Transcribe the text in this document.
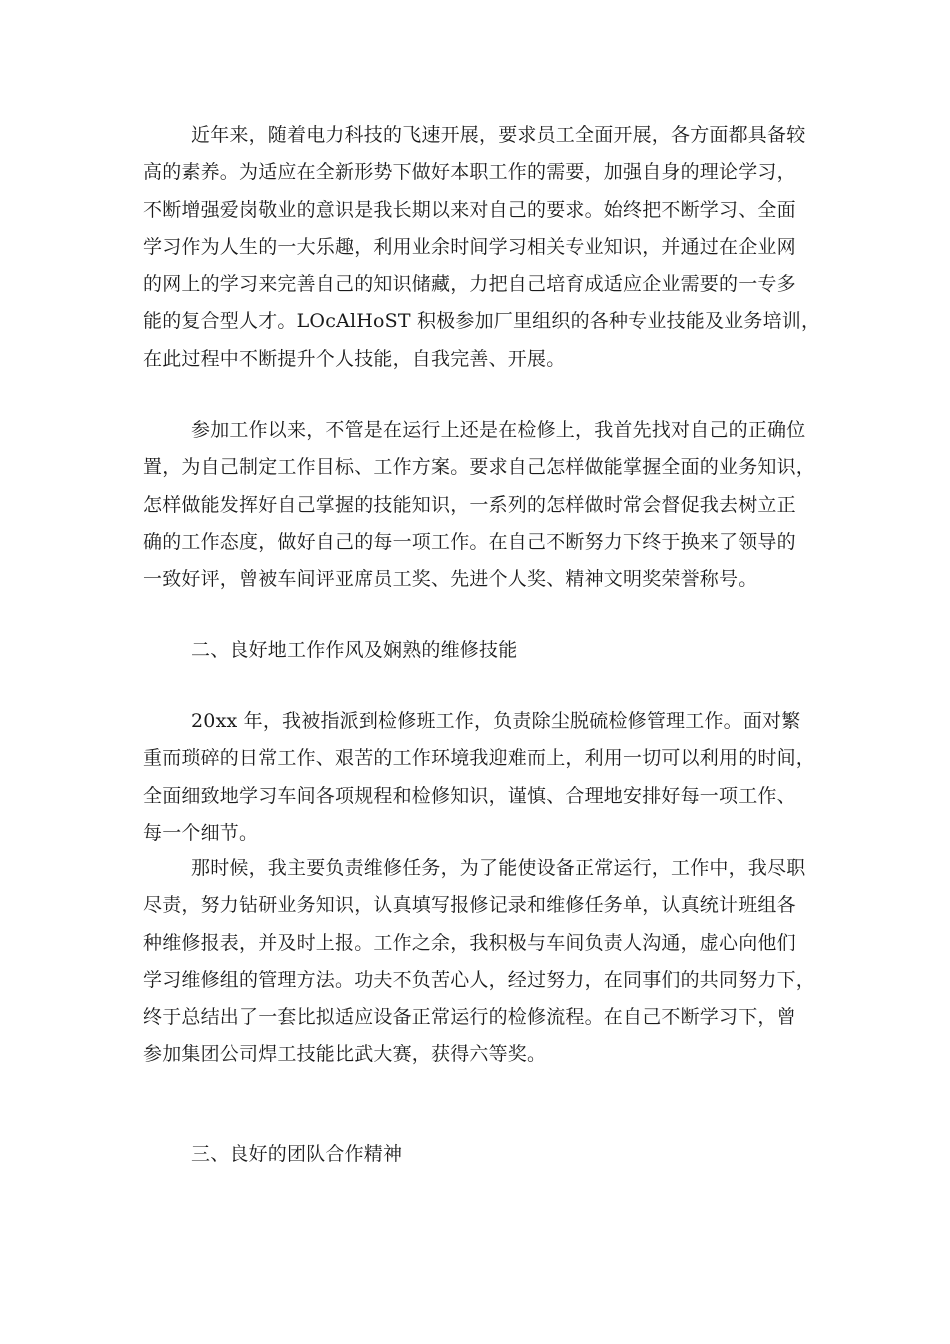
近年来，随着电力科技的飞速开展，要求员工全面开展，各方面都具备较
高的素养。为适应在全新形势下做好本职工作的需要，加强自身的理论学习，
不断增强爱岗敬业的意识是我长期以来对自己的要求。始终把不断学习、全面
学习作为人生的一大乐趣，利用业余时间学习相关专业知识，并通过在企业网
的网上的学习来完善自己的知识储藏，力把自己培育成适应企业需要的一专多
能的复合型人才。LOcAlHoST 积极参加厂里组织的各种专业技能及业务培训，
在此过程中不断提升个人技能，自我完善、开展。
参加工作以来，不管是在运行上还是在检修上，我首先找对自己的正确位
置，为自己制定工作目标、工作方案。要求自己怎样做能掌握全面的业务知识，
怎样做能发挥好自己掌握的技能知识，一系列的怎样做时常会督促我去树立正
确的工作态度，做好自己的每一项工作。在自己不断努力下终于换来了领导的
一致好评，曾被车间评亚席员工奖、先进个人奖、精神文明奖荣誉称号。
二、良好地工作作风及娴熟的维修技能
20xx 年，我被指派到检修班工作，负责除尘脱硫检修管理工作。面对繁
重而琐碎的日常工作、艰苦的工作环境我迎难而上，利用一切可以利用的时间，
全面细致地学习车间各项规程和检修知识，谨慎、合理地安排好每一项工作、
每一个细节。
那时候，我主要负责维修任务，为了能使设备正常运行，工作中，我尽职
尽责，努力钻研业务知识，认真填写报修记录和维修任务单，认真统计班组各
种维修报表，并及时上报。工作之余，我积极与车间负责人沟通，虚心向他们
学习维修组的管理方法。功夫不负苦心人，经过努力，在同事们的共同努力下，
终于总结出了一套比拟适应设备正常运行的检修流程。在自己不断学习下，曾
参加集团公司焊工技能比武大赛，获得六等奖。
三、良好的团队合作精神
